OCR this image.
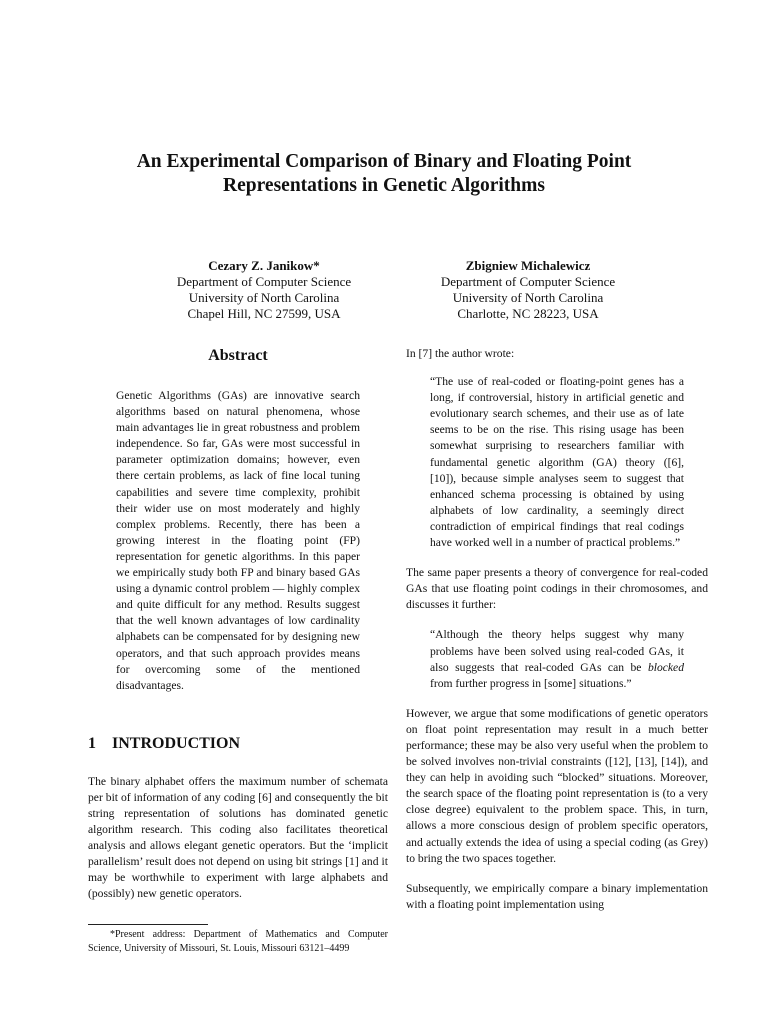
An Experimental Comparison of Binary and Floating Point
Representations in Genetic Algorithms
Cezary Z. Janikow*
Department of Computer Science
University of North Carolina
Chapel Hill, NC 27599, USA
Zbigniew Michalewicz
Department of Computer Science
University of North Carolina
Charlotte, NC 28223, USA
Abstract

Genetic Algorithms (GAs) are innovative search algorithms based on natural phenomena, whose main advantages lie in great robustness and problem independence. So far, GAs were most successful in parameter optimization domains; however, even there certain problems, as lack of fine local tuning capabilities and severe time complexity, prohibit their wider use on most moderately and highly complex problems. Recently, there has been a growing interest in the floating point (FP) representation for genetic algorithms. In this paper we empirically study both FP and binary based GAs using a dynamic control problem — highly complex and quite difficult for any method. Results suggest that the well known advantages of low cardinality alphabets can be compensated for by designing new operators, and that such approach provides means for overcoming some of the mentioned disadvantages.

1 INTRODUCTION

The binary alphabet offers the maximum number of schemata per bit of information of any coding [6] and consequently the bit string representation of solutions has dominated genetic algorithm research. This coding also facilitates theoretical analysis and allows elegant genetic operators. But the ‘implicit parallelism’ result does not depend on using bit strings [1] and it may be worthwhile to experiment with large alphabets and (possibly) new genetic operators.

*Present address: Department of Mathematics and Computer Science, University of Missouri, St. Louis, Missouri 63121–4499

In [7] the author wrote:

“The use of real-coded or floating-point genes has a long, if controversial, history in artificial genetic and evolutionary search schemes, and their use as of late seems to be on the rise. This rising usage has been somewhat surprising to researchers familiar with fundamental genetic algorithm (GA) theory ([6], [10]), because simple analyses seem to suggest that enhanced schema processing is obtained by using alphabets of low cardinality, a seemingly direct contradiction of empirical findings that real codings have worked well in a number of practical problems.”

The same paper presents a theory of convergence for real-coded GAs that use floating point codings in their chromosomes, and discusses it further:

“Although the theory helps suggest why many problems have been solved using real-coded GAs, it also suggests that real-coded GAs can be blocked from further progress in [some] situations.”

However, we argue that some modifications of genetic operators on float point representation may result in a much better performance; these may be also very useful when the problem to be solved involves non-trivial constraints ([12], [13], [14]), and they can help in avoiding such “blocked” situations. Moreover, the search space of the floating point representation is (to a very close degree) equivalent to the problem space. This, in turn, allows a more conscious design of problem specific operators, and actually extends the idea of using a special coding (as Grey) to bring the two spaces together.

Subsequently, we empirically compare a binary implementation with a floating point implementation using
